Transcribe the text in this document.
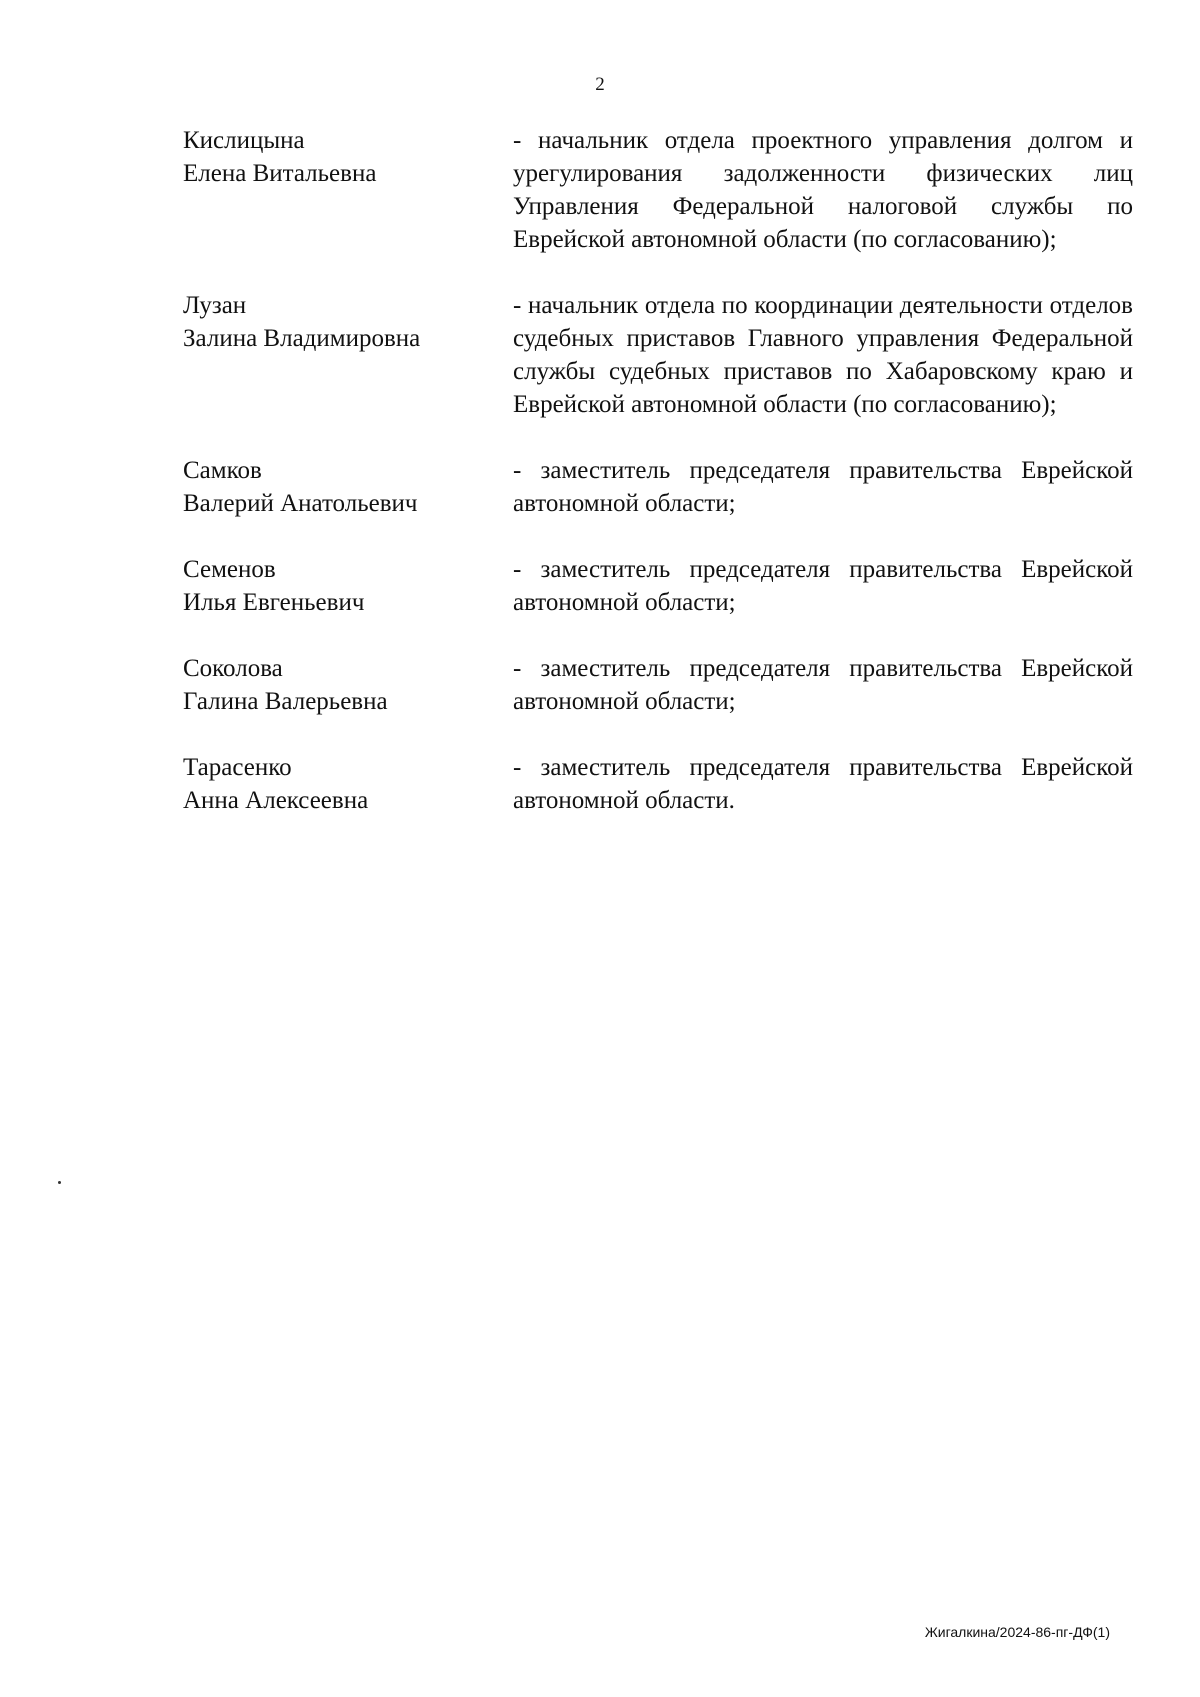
2
Кислицына
Елена Витальевна
- начальник отдела проектного управления долгом и урегулирования задолженности физических лиц Управления Федеральной налоговой службы по Еврейской автономной области (по согласованию);
Лузан
Залина Владимировна
- начальник отдела по координации деятельности отделов судебных приставов Главного управления Федеральной службы судебных приставов по Хабаровскому краю и Еврейской автономной области (по согласованию);
Самков
Валерий Анатольевич
- заместитель председателя правительства Еврейской автономной области;
Семенов
Илья Евгеньевич
- заместитель председателя правительства Еврейской автономной области;
Соколова
Галина Валерьевна
- заместитель председателя правительства Еврейской автономной области;
Тарасенко
Анна Алексеевна
- заместитель председателя правительства Еврейской автономной области.
Жигалкина/2024-86-пг-ДФ(1)
